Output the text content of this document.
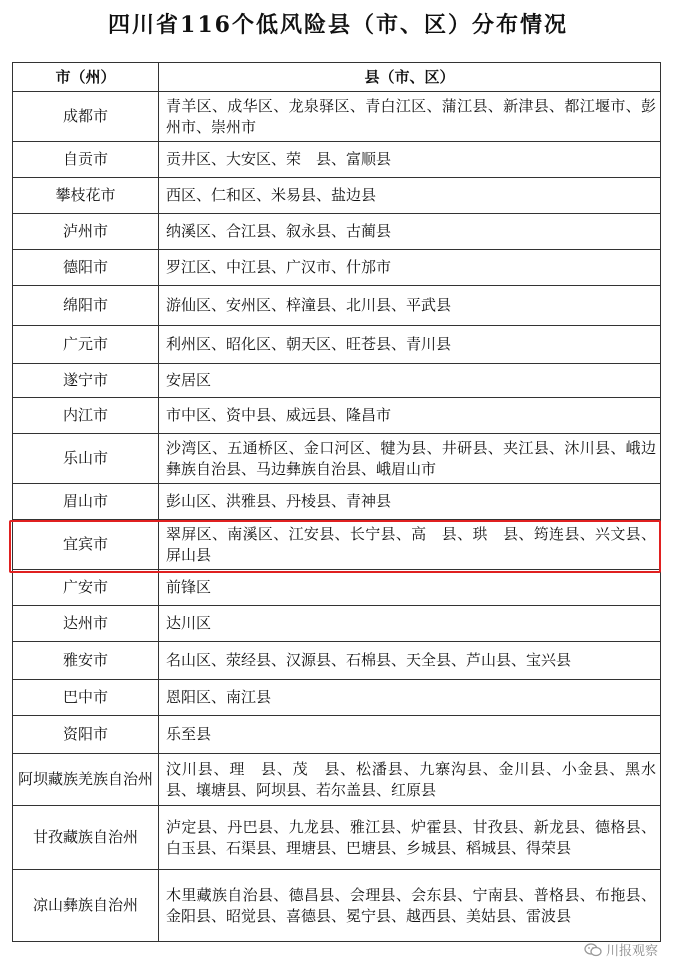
四川省116个低风险县（市、区）分布情况
市（州）	县（市、区）
成都市	青羊区、成华区、龙泉驿区、青白江区、蒲江县、新津县、都江堰市、彭州市、崇州市
自贡市	贡井区、大安区、荣　县、富顺县
攀枝花市	西区、仁和区、米易县、盐边县
泸州市	纳溪区、合江县、叙永县、古蔺县
德阳市	罗江区、中江县、广汉市、什邡市
绵阳市	游仙区、安州区、梓潼县、北川县、平武县
广元市	利州区、昭化区、朝天区、旺苍县、青川县
遂宁市	安居区
内江市	市中区、资中县、威远县、隆昌市
乐山市	沙湾区、五通桥区、金口河区、犍为县、井研县、夹江县、沐川县、峨边彝族自治县、马边彝族自治县、峨眉山市
眉山市	彭山区、洪雅县、丹棱县、青神县
宜宾市	翠屏区、南溪区、江安县、长宁县、高　县、珙　县、筠连县、兴文县、屏山县
广安市	前锋区
达州市	达川区
雅安市	名山区、荥经县、汉源县、石棉县、天全县、芦山县、宝兴县
巴中市	恩阳区、南江县
资阳市	乐至县
阿坝藏族羌族自治州	汶川县、理　县、茂　县、松潘县、九寨沟县、金川县、小金县、黑水县、壤塘县、阿坝县、若尔盖县、红原县
甘孜藏族自治州	泸定县、丹巴县、九龙县、雅江县、炉霍县、甘孜县、新龙县、德格县、白玉县、石渠县、理塘县、巴塘县、乡城县、稻城县、得荣县
凉山彝族自治州	木里藏族自治县、德昌县、会理县、会东县、宁南县、普格县、布拖县、金阳县、昭觉县、喜德县、冕宁县、越西县、美姑县、雷波县
川报观察
